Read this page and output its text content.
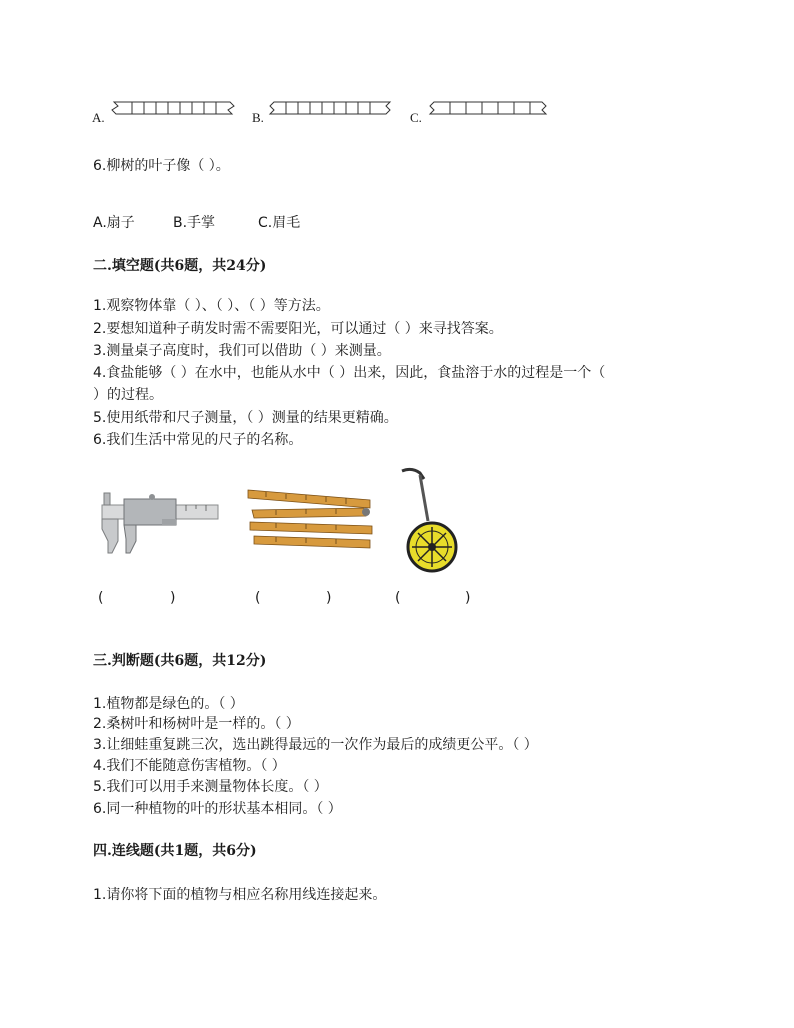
A.	B.	C.
6.柳树的叶子像（ ）。
A.扇子	B.手掌	C.眉毛
二.填空题(共6题，共24分)
1.观察物体靠（ ）、（ ）、（ ）等方法。
2.要想知道种子萌发时需不需要阳光，可以通过（ ）来寻找答案。
3.测量桌子高度时，我们可以借助（ ）来测量。
4.食盐能够（ ）在水中，也能从水中（ ）出来，因此，食盐溶于水的过程是一个（
）的过程。
5.使用纸带和尺子测量，（ ）测量的结果更精确。
6.我们生活中常见的尺子的名称。
(	)	(	)	(	)
三.判断题(共6题，共12分)
1.植物都是绿色的。（ ）
2.桑树叶和杨树叶是一样的。（ ）
3.让细蛙重复跳三次，选出跳得最远的一次作为最后的成绩更公平。（ ）
4.我们不能随意伤害植物。（ ）
5.我们可以用手来测量物体长度。（ ）
6.同一种植物的叶的形状基本相同。（ ）
四.连线题(共1题，共6分)
1.请你将下面的植物与相应名称用线连接起来。
